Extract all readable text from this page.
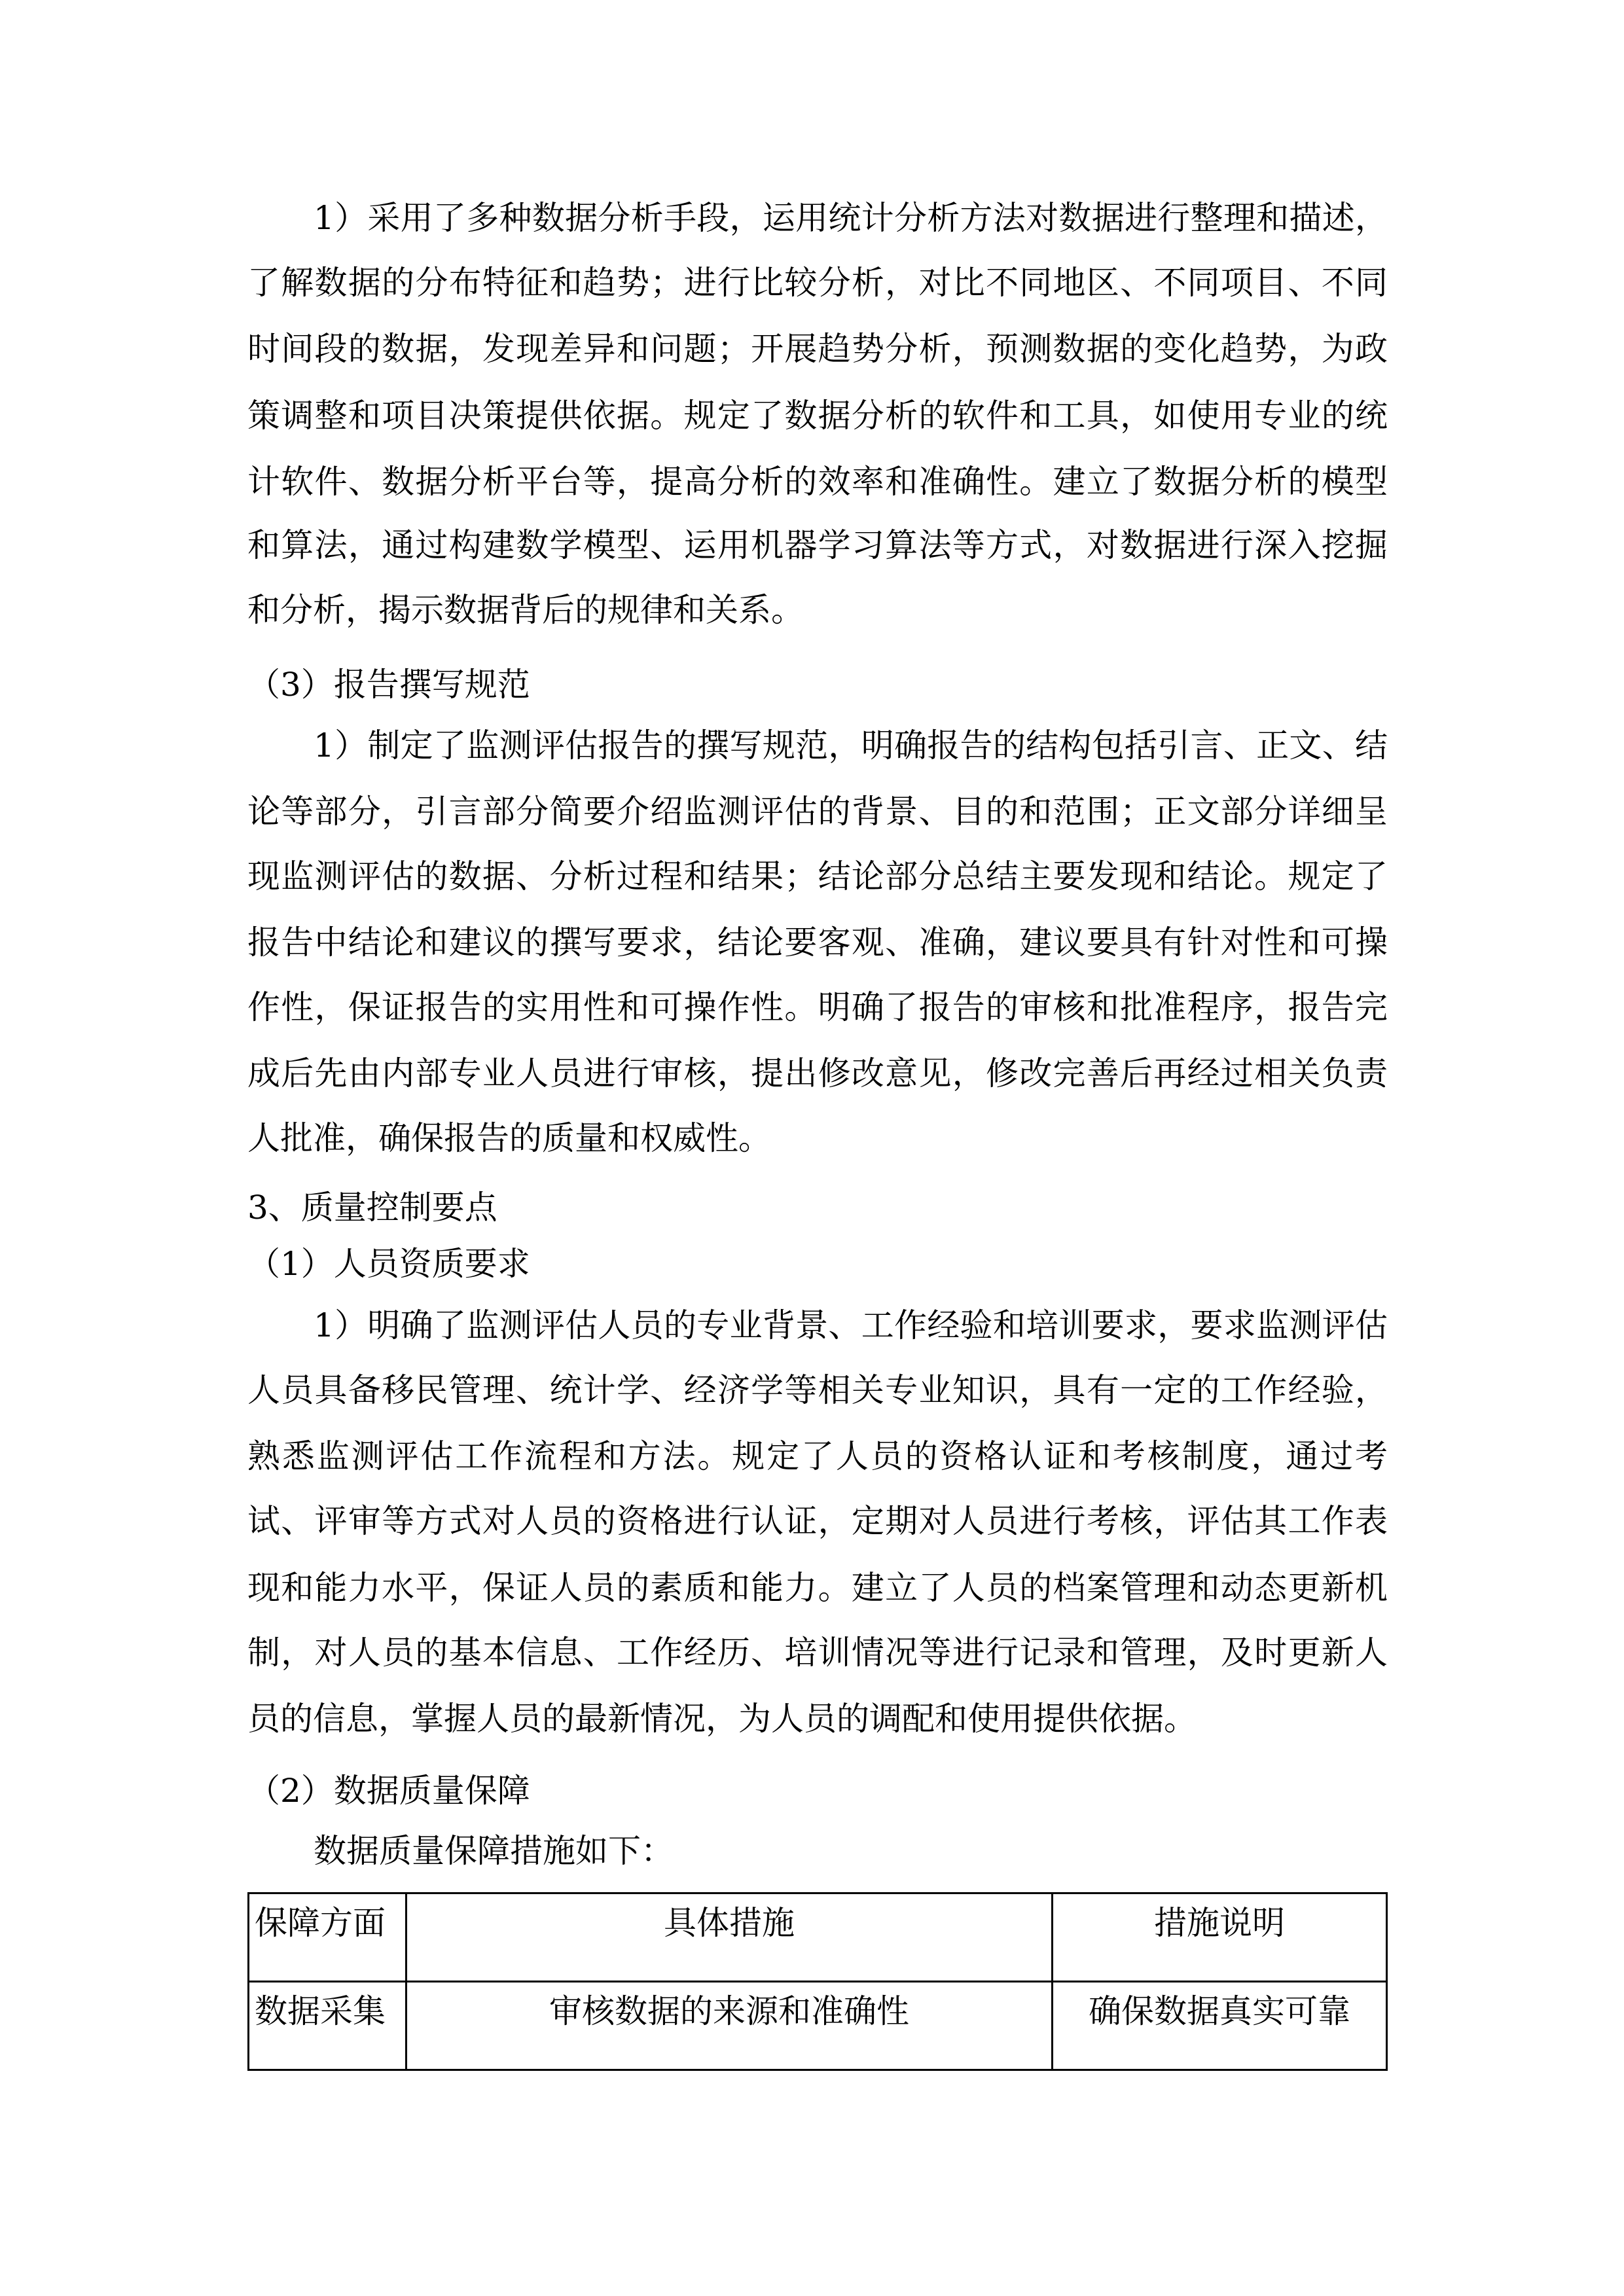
1）采用了多种数据分析手段，运用统计分析方法对数据进行整理和描述，
了解数据的分布特征和趋势；进行比较分析，对比不同地区、不同项目、不同
时间段的数据，发现差异和问题；开展趋势分析，预测数据的变化趋势，为政
策调整和项目决策提供依据。规定了数据分析的软件和工具，如使用专业的统
计软件、数据分析平台等，提高分析的效率和准确性。建立了数据分析的模型
和算法，通过构建数学模型、运用机器学习算法等方式，对数据进行深入挖掘
和分析，揭示数据背后的规律和关系。
（3）报告撰写规范
1）制定了监测评估报告的撰写规范，明确报告的结构包括引言、正文、结
论等部分，引言部分简要介绍监测评估的背景、目的和范围；正文部分详细呈
现监测评估的数据、分析过程和结果；结论部分总结主要发现和结论。规定了
报告中结论和建议的撰写要求，结论要客观、准确，建议要具有针对性和可操
作性，保证报告的实用性和可操作性。明确了报告的审核和批准程序，报告完
成后先由内部专业人员进行审核，提出修改意见，修改完善后再经过相关负责
人批准，确保报告的质量和权威性。
3、质量控制要点
（1）人员资质要求
1）明确了监测评估人员的专业背景、工作经验和培训要求，要求监测评估
人员具备移民管理、统计学、经济学等相关专业知识，具有一定的工作经验，
熟悉监测评估工作流程和方法。规定了人员的资格认证和考核制度，通过考
试、评审等方式对人员的资格进行认证，定期对人员进行考核，评估其工作表
现和能力水平，保证人员的素质和能力。建立了人员的档案管理和动态更新机
制，对人员的基本信息、工作经历、培训情况等进行记录和管理，及时更新人
员的信息，掌握人员的最新情况，为人员的调配和使用提供依据。
（2）数据质量保障
数据质量保障措施如下：
保障方面	具体措施	措施说明
数据采集	审核数据的来源和准确性	确保数据真实可靠
